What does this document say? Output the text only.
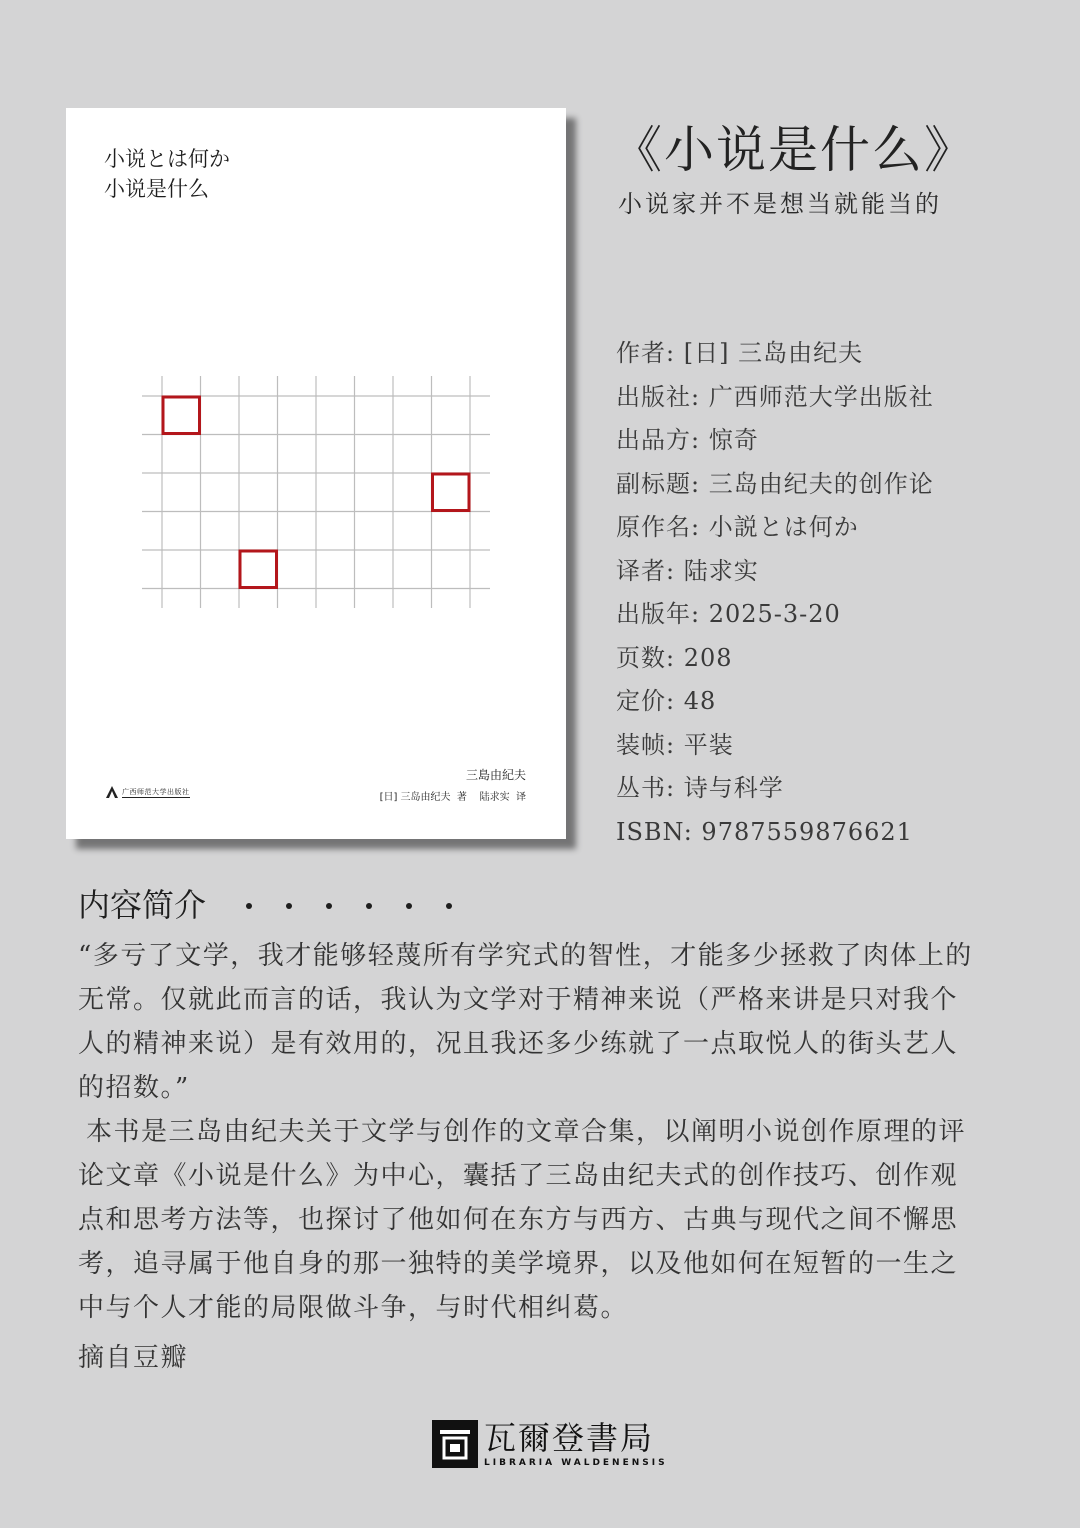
小说とは何か
小说是什么
三島由紀夫
[日] 三岛由纪夫  著    陆求实  译
广西师范大学出版社
《小说是什么》
小说家并不是想当就能当的
作者: [日] 三岛由纪夫
出版社: 广西师范大学出版社
出品方: 惊奇
副标题: 三岛由纪夫的创作论
原作名: 小説とは何か
译者: 陆求实
出版年: 2025-3-20
页数: 208
定价: 48
装帧: 平装
丛书: 诗与科学
ISBN: 9787559876621
内容简介

“多亏了文学，我才能够轻蔑所有学究式的智性，才能多少拯救了肉体上的无常。仅就此而言的话，我认为文学对于精神来说（严格来讲是只对我个人的精神来说）是有效用的，况且我还多少练就了一点取悦人的街头艺人的招数。”

本书是三岛由纪夫关于文学与创作的文章合集，以阐明小说创作原理的评论文章《小说是什么》为中心，囊括了三岛由纪夫式的创作技巧、创作观点和思考方法等，也探讨了他如何在东方与西方、古典与现代之间不懈思考，追寻属于他自身的那一独特的美学境界，以及他如何在短暂的一生之中与个人才能的局限做斗争，与时代相纠葛。

摘自豆瓣

瓦爾登書局
LIBRARIA WALDENENSIS
